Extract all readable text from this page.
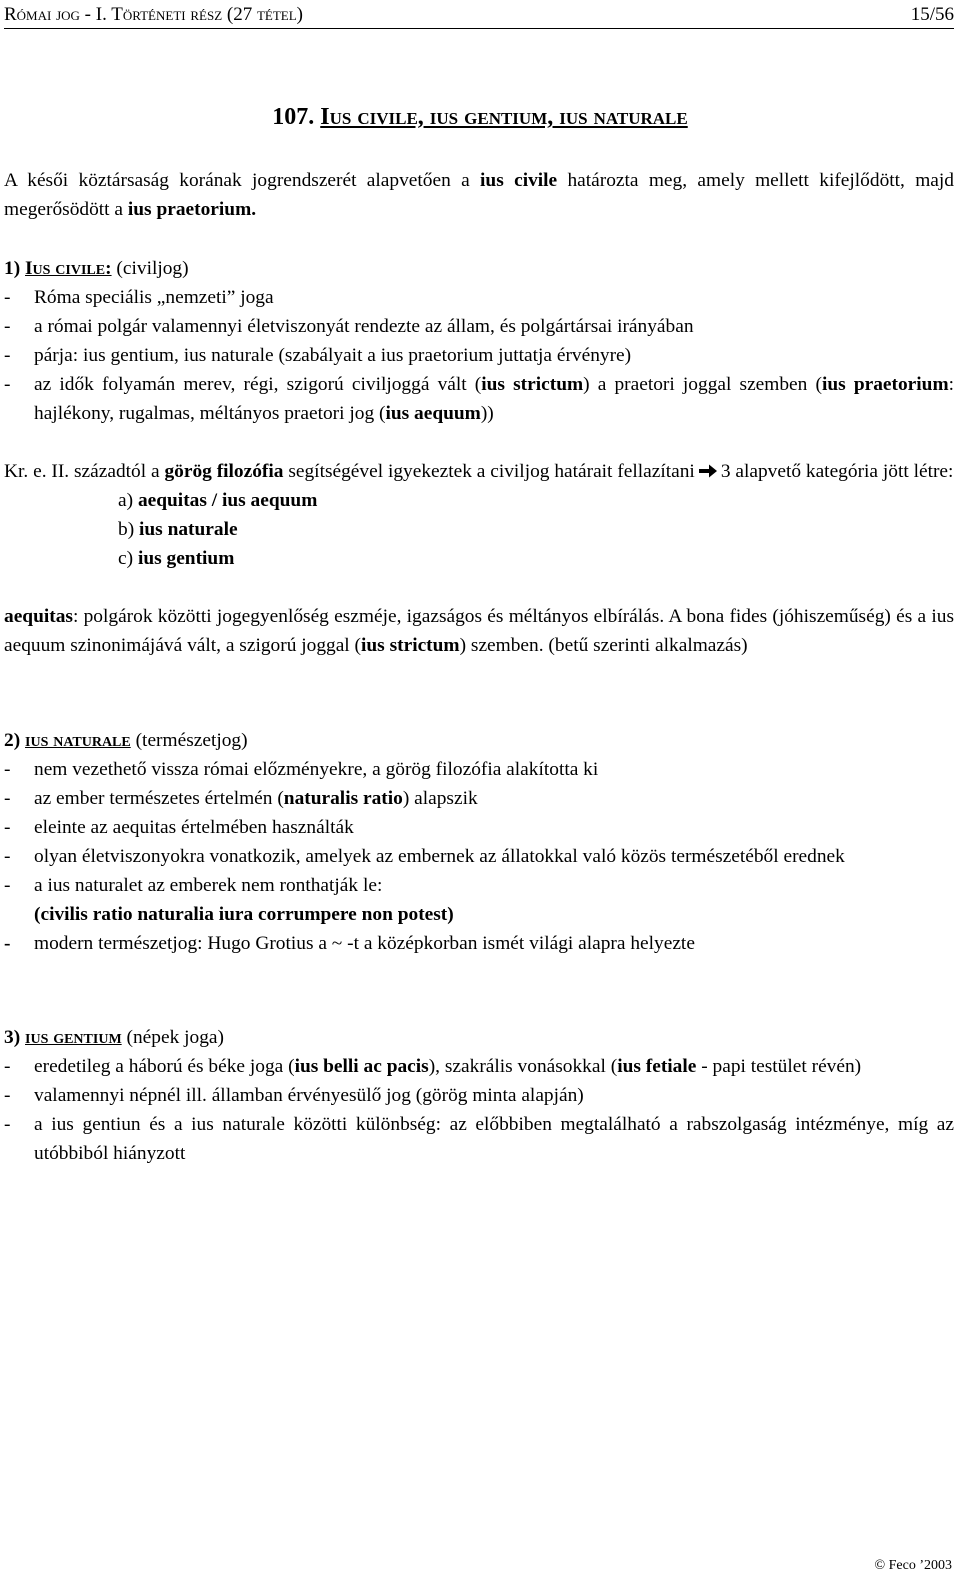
Római jog - I. Történeti rész (27 tétel)	15/56
107. Ius civile, ius gentium, ius naturale

A késői köztársaság korának jogrendszerét alapvetően a ius civile határozta meg, amely mellett kifejlődött, majd megerősödött a ius praetorium.

1) Ius civile: (civiljog)

-	Róma speciális „nemzeti” joga
-	a római polgár valamennyi életviszonyát rendezte az állam, és polgártársai irányában
-	párja: ius gentium, ius naturale (szabályait a ius praetorium juttatja érvényre)
-	az idők folyamán merev, régi, szigorú civiljoggá vált (ius strictum) a praetori joggal szemben (ius praetorium: hajlékony, rugalmas, méltányos praetori jog (ius aequum))

Kr. e. II. századtól a görög filozófia segítségével igyekeztek a civiljog határait fellazítani 3 alapvető kategória jött létre:

a) aequitas / ius aequum

b) ius naturale

c) ius gentium

aequitas: polgárok közötti jogegyenlőség eszméje, igazságos és méltányos elbírálás. A bona fides (jóhiszeműség) és a ius aequum szinonimájává vált, a szigorú joggal (ius strictum) szemben. (betű szerinti alkalmazás)

2) ius naturale (természetjog)

-	nem vezethető vissza római előzményekre, a görög filozófia alakította ki
-	az ember természetes értelmén (naturalis ratio) alapszik
-	eleinte az aequitas értelmében használták
-	olyan életviszonyokra vonatkozik, amelyek az embernek az állatokkal való közös természetéből erednek
-	a ius naturalet az emberek nem ronthatják le:
(civilis ratio naturalia iura corrumpere non potest)
-	modern természetjog: Hugo Grotius a ~ -t a középkorban ismét világi alapra helyezte

3) ius gentium (népek joga)

-	eredetileg a háború és béke joga (ius belli ac pacis), szakrális vonásokkal (ius fetiale - papi testület révén)
-	valamennyi népnél ill. államban érvényesülő jog (görög minta alapján)
-	a ius gentiun és a ius naturale közötti különbség: az előbbiben megtalálható a rabszolgaság intézménye, míg az utóbbiból hiányzott
© Feco ’2003
